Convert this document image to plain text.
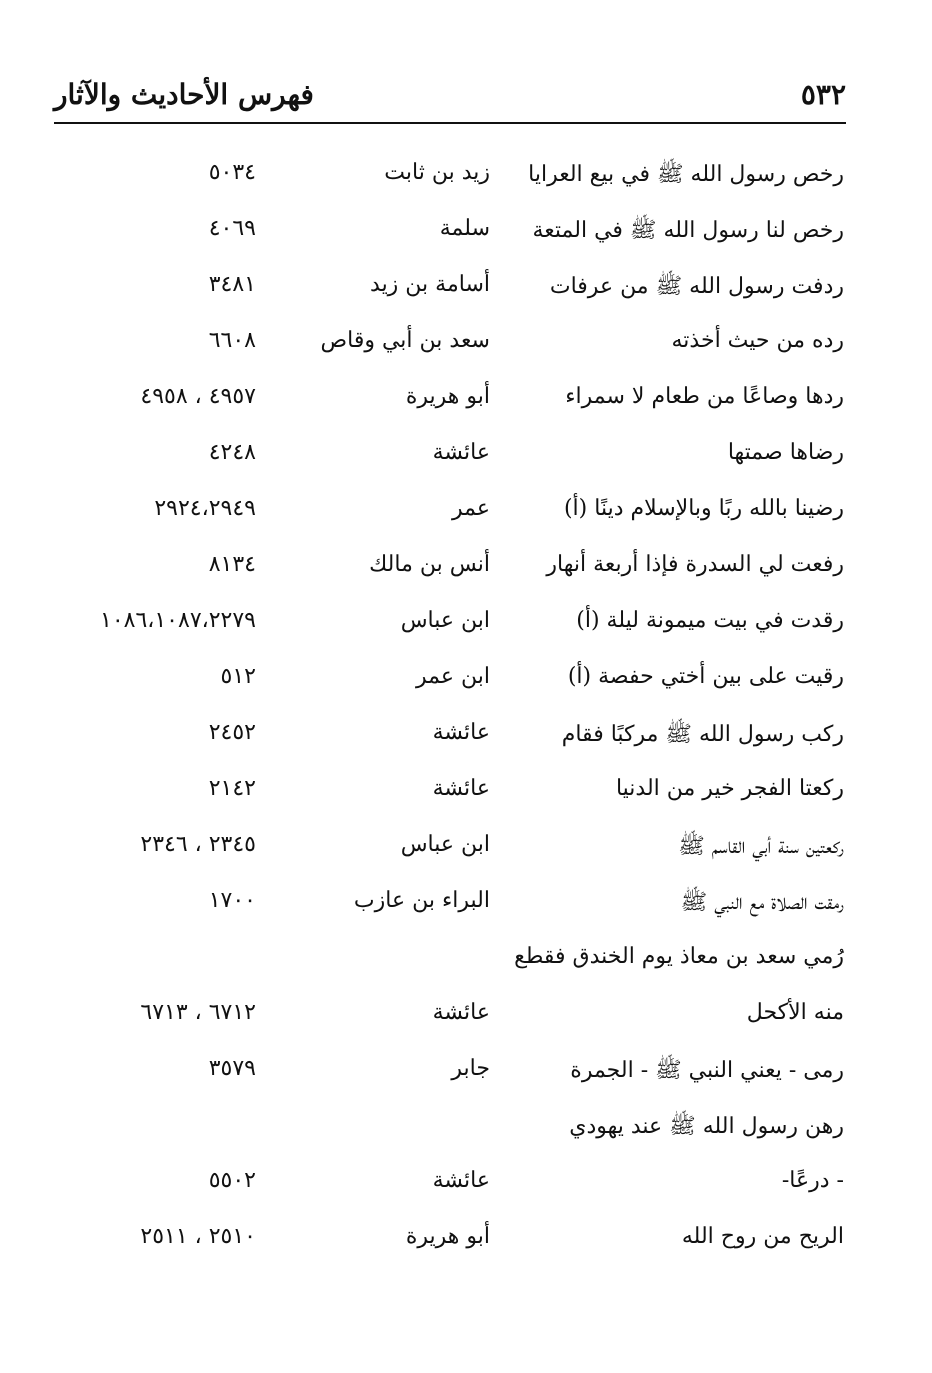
فهرس الأحاديث والآثار	٥٣٢
رخص رسول الله ﷺ في بيع العرايا
زيد بن ثابت
٥٠٣٤
رخص لنا رسول الله ﷺ في المتعة
سلمة
٤٠٦٩
ردفت رسول الله ﷺ من عرفات
أسامة بن زيد
٣٤٨١
رده من حيث أخذته
سعد بن أبي وقاص
٦٦٠٨
ردها وصاعًا من طعام لا سمراء
أبو هريرة
٤٩٥٧ ، ٤٩٥٨
رضاها صمتها
عائشة
٤٢٤٨
رضينا بالله ربًا وبالإسلام دينًا (أ)
عمر
٢٩٢٤،٢٩٤٩
رفعت لي السدرة فإذا أربعة أنهار
أنس بن مالك
٨١٣٤
رقدت في بيت ميمونة ليلة (أ)
ابن عباس
١٠٨٦،١٠٨٧،٢٢٧٩
رقيت على بين أختي حفصة (أ)
ابن عمر
٥١٢
ركب رسول الله ﷺ مركبًا فقام
عائشة
٢٤٥٢
ركعتا الفجر خير من الدنيا
عائشة
٢١٤٢
ركعتين سنة أبي القاسم ﷺ
ابن عباس
٢٣٤٥ ، ٢٣٤٦
رمقت الصلاة مع النبي ﷺ
البراء بن عازب
١٧٠٠
رُمي سعد بن معاذ يوم الخندق فقطع
منه الأكحل
عائشة
٦٧١٢ ، ٦٧١٣
رمى - يعني النبي ﷺ - الجمرة
جابر
٣٥٧٩
رهن رسول الله ﷺ عند يهودي
- درعًا-
عائشة
٥٥٠٢
الريح من روح الله
أبو هريرة
٢٥١٠ ، ٢٥١١
